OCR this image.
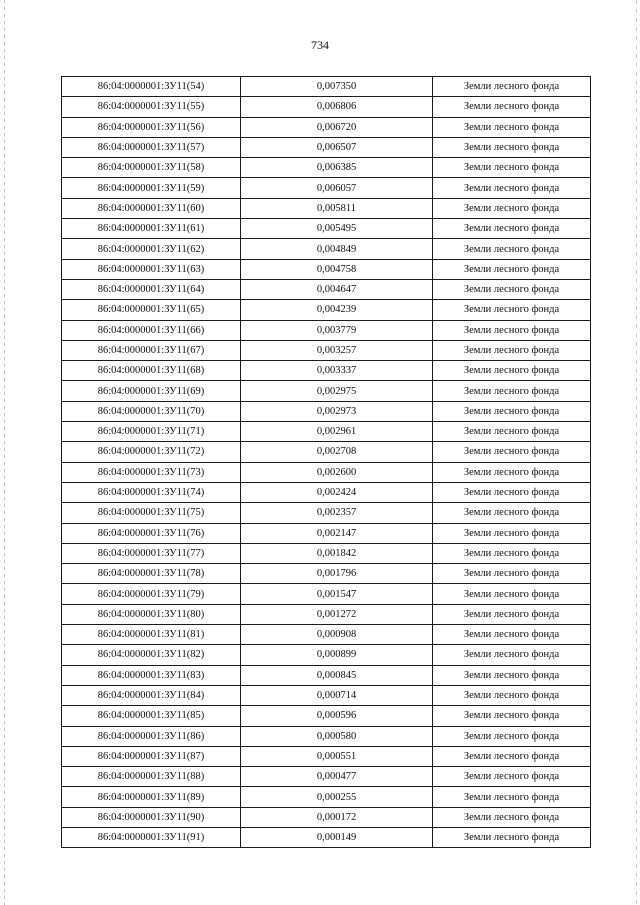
734
86:04:0000001:ЗУ11(54)	0,007350	Земли лесного фонда
86:04:0000001:ЗУ11(55)	0,006806	Земли лесного фонда
86:04:0000001:ЗУ11(56)	0,006720	Земли лесного фонда
86:04:0000001:ЗУ11(57)	0,006507	Земли лесного фонда
86:04:0000001:ЗУ11(58)	0,006385	Земли лесного фонда
86:04:0000001:ЗУ11(59)	0,006057	Земли лесного фонда
86:04:0000001:ЗУ11(60)	0,005811	Земли лесного фонда
86:04:0000001:ЗУ11(61)	0,005495	Земли лесного фонда
86:04:0000001:ЗУ11(62)	0,004849	Земли лесного фонда
86:04:0000001:ЗУ11(63)	0,004758	Земли лесного фонда
86:04:0000001:ЗУ11(64)	0,004647	Земли лесного фонда
86:04:0000001:ЗУ11(65)	0,004239	Земли лесного фонда
86:04:0000001:ЗУ11(66)	0,003779	Земли лесного фонда
86:04:0000001:ЗУ11(67)	0,003257	Земли лесного фонда
86:04:0000001:ЗУ11(68)	0,003337	Земли лесного фонда
86:04:0000001:ЗУ11(69)	0,002975	Земли лесного фонда
86:04:0000001:ЗУ11(70)	0,002973	Земли лесного фонда
86:04:0000001:ЗУ11(71)	0,002961	Земли лесного фонда
86:04:0000001:ЗУ11(72)	0,002708	Земли лесного фонда
86:04:0000001:ЗУ11(73)	0,002600	Земли лесного фонда
86:04:0000001:ЗУ11(74)	0,002424	Земли лесного фонда
86:04:0000001:ЗУ11(75)	0,002357	Земли лесного фонда
86:04:0000001:ЗУ11(76)	0,002147	Земли лесного фонда
86:04:0000001:ЗУ11(77)	0,001842	Земли лесного фонда
86:04:0000001:ЗУ11(78)	0,001796	Земли лесного фонда
86:04:0000001:ЗУ11(79)	0,001547	Земли лесного фонда
86:04:0000001:ЗУ11(80)	0,001272	Земли лесного фонда
86:04:0000001:ЗУ11(81)	0,000908	Земли лесного фонда
86:04:0000001:ЗУ11(82)	0,000899	Земли лесного фонда
86:04:0000001:ЗУ11(83)	0,000845	Земли лесного фонда
86:04:0000001:ЗУ11(84)	0,000714	Земли лесного фонда
86:04:0000001:ЗУ11(85)	0,000596	Земли лесного фонда
86:04:0000001:ЗУ11(86)	0,000580	Земли лесного фонда
86:04:0000001:ЗУ11(87)	0,000551	Земли лесного фонда
86:04:0000001:ЗУ11(88)	0,000477	Земли лесного фонда
86:04:0000001:ЗУ11(89)	0,000255	Земли лесного фонда
86:04:0000001:ЗУ11(90)	0,000172	Земли лесного фонда
86:04:0000001:ЗУ11(91)	0,000149	Земли лесного фонда
